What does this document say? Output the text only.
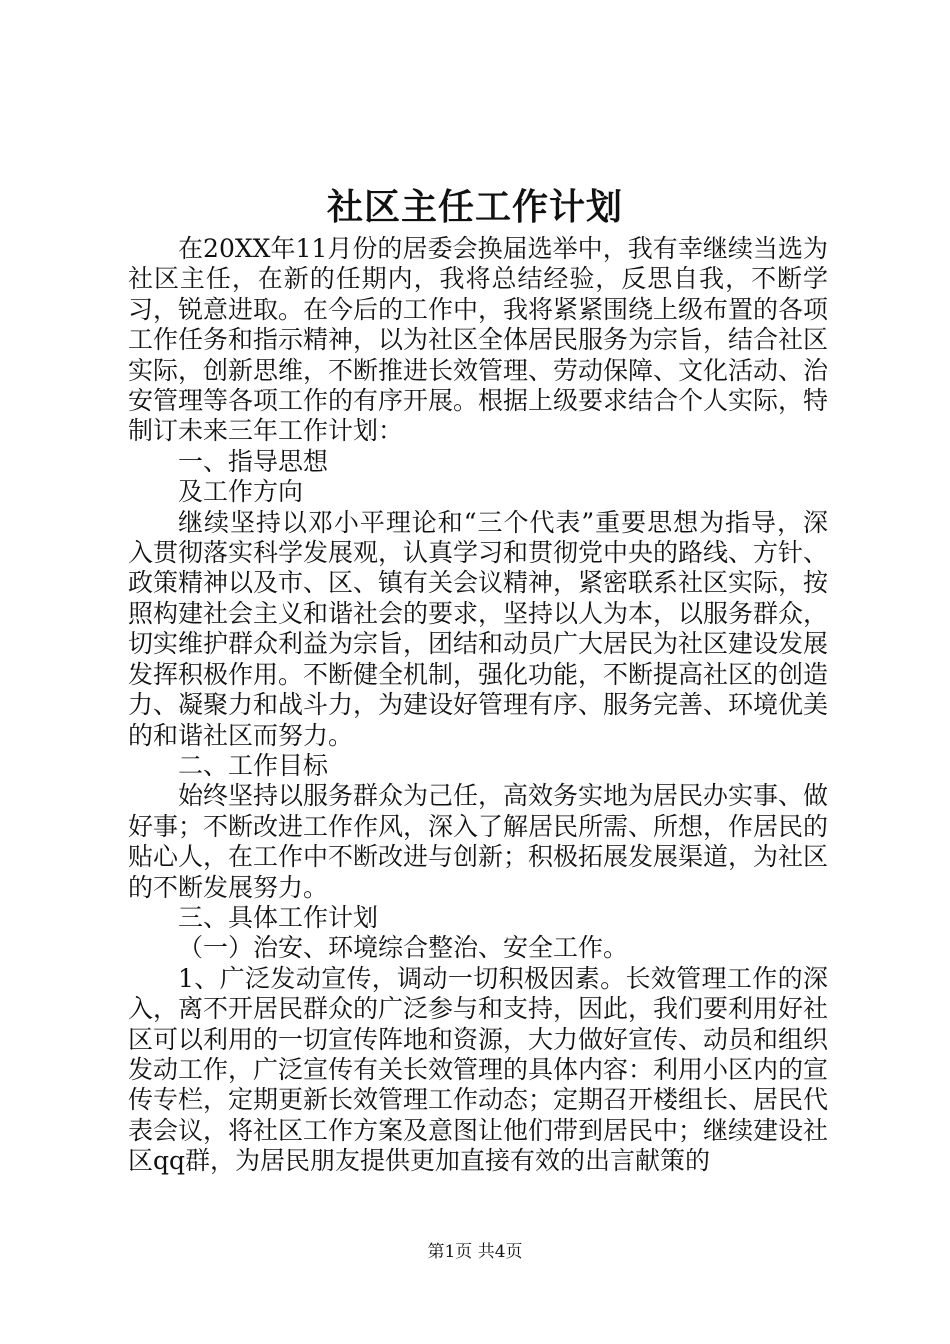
社区主任工作计划

在20XX年11月份的居委会换届选举中，我有幸继续当选为社区主任，在新的任期内，我将总结经验，反思自我，不断学习，锐意进取。在今后的工作中，我将紧紧围绕上级布置的各项工作任务和指示精神，以为社区全体居民服务为宗旨，结合社区实际，创新思维，不断推进长效管理、劳动保障、文化活动、治安管理等各项工作的有序开展。根据上级要求结合个人实际，特制订未来三年工作计划：

一、指导思想

及工作方向

继续坚持以邓小平理论和“三个代表”重要思想为指导，深入贯彻落实科学发展观，认真学习和贯彻党中央的路线、方针、政策精神以及市、区、镇有关会议精神，紧密联系社区实际，按照构建社会主义和谐社会的要求，坚持以人为本，以服务群众，切实维护群众利益为宗旨，团结和动员广大居民为社区建设发展发挥积极作用。不断健全机制，强化功能，不断提高社区的创造力、凝聚力和战斗力，为建设好管理有序、服务完善、环境优美的和谐社区而努力。

二、工作目标

始终坚持以服务群众为己任，高效务实地为居民办实事、做好事；不断改进工作作风，深入了解居民所需、所想，作居民的贴心人，在工作中不断改进与创新；积极拓展发展渠道，为社区的不断发展努力。

三、具体工作计划

（一）治安、环境综合整治、安全工作。

1、广泛发动宣传，调动一切积极因素。长效管理工作的深入，离不开居民群众的广泛参与和支持，因此，我们要利用好社区可以利用的一切宣传阵地和资源，大力做好宣传、动员和组织发动工作，广泛宣传有关长效管理的具体内容：利用小区内的宣传专栏，定期更新长效管理工作动态；定期召开楼组长、居民代表会议，将社区工作方案及意图让他们带到居民中；继续建设社区qq群，为居民朋友提供更加直接有效的出言献策的

第1页 共4页
